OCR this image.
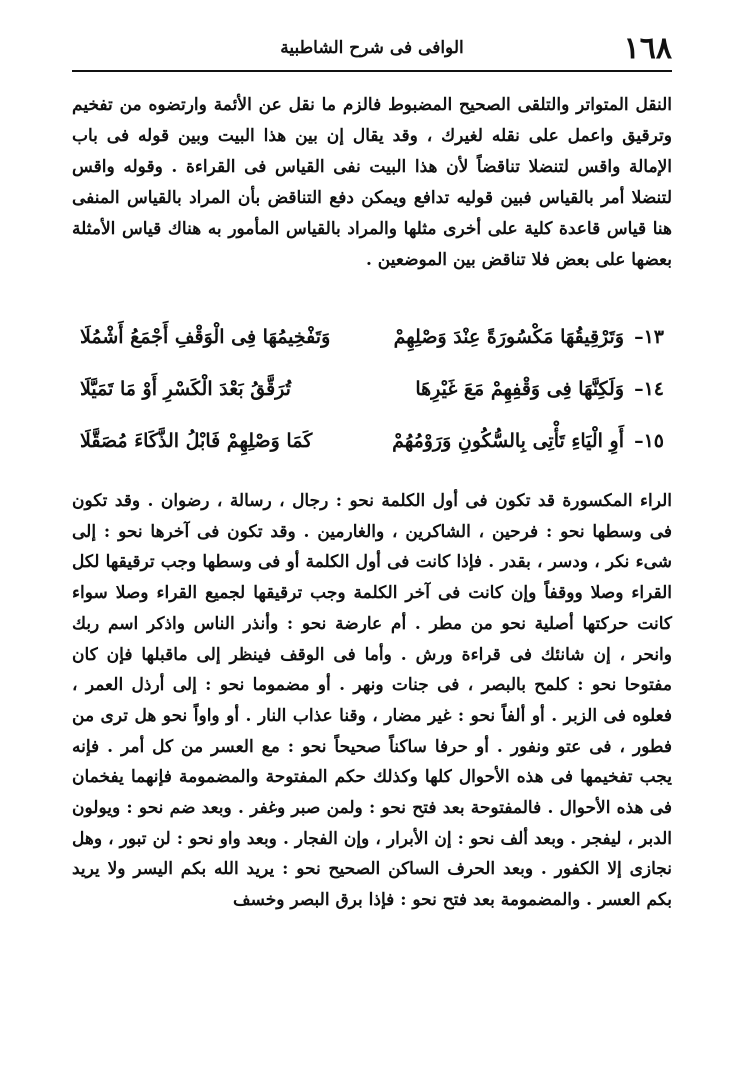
١٦٨
الوافى فى شرح الشاطبية

النقل المتواتر والتلقى الصحيح المضبوط فالزم ما نقل عن الأئمة وارتضوه من تفخيم وترقيق واعمل على نقله لغيرك ، وقد يقال إن بين هذا البيت وبين قوله فى باب الإمالة واقس لتنضلا تناقضاً لأن هذا البيت نفى القياس فى القراءة . وقوله واقس لتنضلا أمر بالقياس فبين قوليه تدافع ويمكن دفع التناقض بأن المراد بالقياس المنفى هنا قياس قاعدة كلية على أخرى مثلها والمراد بالقياس المأمور به هناك قياس الأمثلة بعضها على بعض فلا تناقض بين الموضعين .

١٣–
وَتَرْقِيقُهَا مَكْسُورَةً عِنْدَ وَصْلِهِمْ
وَتَفْخِيمُهَا فِى الْوَقْفِ أَجْمَعُ أَشْمُلَا
١٤–
وَلَكِنَّهَا فِى وَقْفِهِمْ مَعَ غَيْرِهَا
تُرَقَّقُ بَعْدَ الْكَسْرِ أَوْ مَا تَمَيَّلَا
١٥–
أَوِ الْيَاءِ تَأْتِى بِالسُّكُونِ وَرَوْمُهُمْ
كَمَا وَصْلِهِمْ فَابْلُ الذَّكَاءَ مُصَقَّلَا

الراء المكسورة قد تكون فى أول الكلمة نحو : رجال ، رسالة ، رضوان . وقد تكون فى وسطها نحو : فرحين ، الشاكرين ، والغارمين . وقد تكون فى آخرها نحو : إلى شىء نكر ، ودسر ، بقدر . فإذا كانت فى أول الكلمة أو فى وسطها وجب ترقيقها لكل القراء وصلا ووقفاً وإن كانت فى آخر الكلمة وجب ترقيقها لجميع القراء وصلا سواء كانت حركتها أصلية نحو من مطر . أم عارضة نحو : وأنذر الناس واذكر اسم ربك وانحر ، إن شانئك فى قراءة ورش . وأما فى الوقف فينظر إلى ماقبلها فإن كان مفتوحا نحو : كلمح بالبصر ، فى جنات ونهر . أو مضموما نحو : إلى أرذل العمر ، فعلوه فى الزبر . أو ألفاً نحو : غير مضار ، وقنا عذاب النار . أو واواً نحو هل ترى من فطور ، فى عتو ونفور . أو حرفا ساكناً صحيحاً نحو : مع العسر من كل أمر . فإنه يجب تفخيمها فى هذه الأحوال كلها وكذلك حكم المفتوحة والمضمومة فإنهما يفخمان فى هذه الأحوال . فالمفتوحة بعد فتح نحو : ولمن صبر وغفر . وبعد ضم نحو : ويولون الدبر ، ليفجر . وبعد ألف نحو : إن الأبرار ، وإن الفجار . وبعد واو نحو : لن تبور ، وهل نجازى إلا الكفور . وبعد الحرف الساكن الصحيح نحو : يريد الله بكم اليسر ولا يريد بكم العسر . والمضمومة بعد فتح نحو : فإذا برق البصر وخسف
